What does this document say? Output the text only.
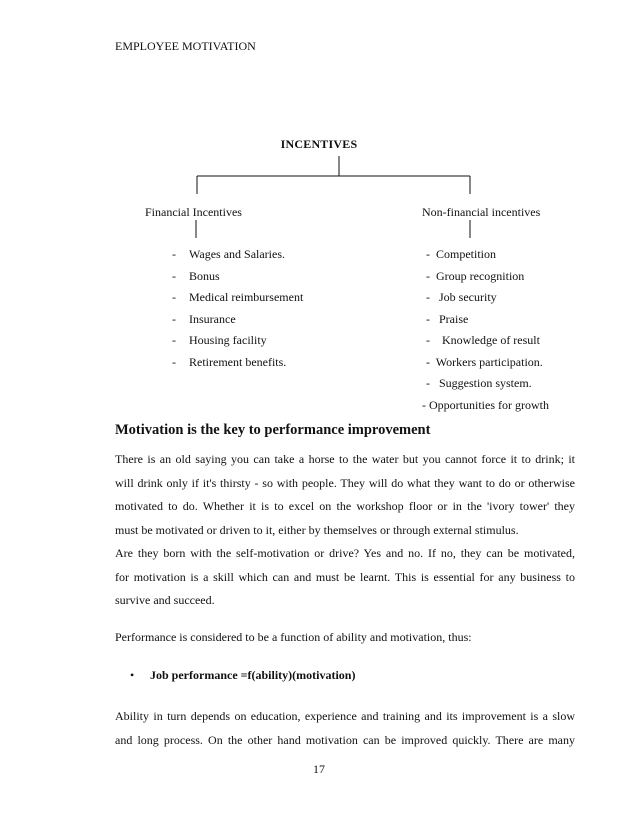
EMPLOYEE MOTIVATION
INCENTIVES
Financial Incentives	Non-financial incentives
- Wages and Salaries.
- Bonus
- Medical reimbursement
- Insurance
- Housing facility
- Retirement benefits.
-  Competition
-  Group recognition
-   Job security
-   Praise
-    Knowledge of result
-  Workers participation.
-   Suggestion system.
- Opportunities for growth
Motivation is the key to performance improvement
There is an old saying you can take a horse to the water but you cannot force it to drink; it
will drink only if it's thirsty - so with people. They will do what they want to do or otherwise
motivated to do. Whether it is to excel on the workshop floor or in the 'ivory tower' they
must be motivated or driven to it, either by themselves or through external stimulus.
Are they born with the self-motivation or drive? Yes and no. If no, they can be motivated,
for motivation is a skill which can and must be learnt. This is essential for any business to
survive and succeed.
Performance is considered to be a function of ability and motivation, thus:
• Job performance =f(ability)(motivation)
Ability in turn depends on education, experience and training and its improvement is a slow
and long process. On the other hand motivation can be improved quickly. There are many
17
